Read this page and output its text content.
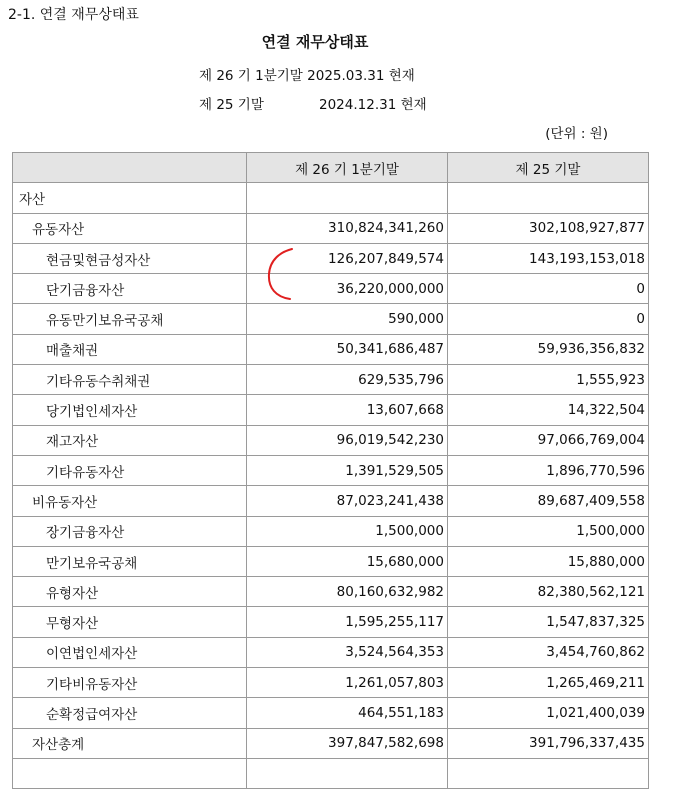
2-1. 연결 재무상태표
연결 재무상태표
제 26 기 1분기말 2025.03.31 현재
제 25 기말	2024.12.31 현재
(단위 : 원)
	제 26 기 1분기말	제 25 기말
자산		
유동자산	310,824,341,260	302,108,927,877
현금및현금성자산	126,207,849,574	143,193,153,018
단기금융자산	36,220,000,000	0
유동만기보유국공채	590,000	0
매출채권	50,341,686,487	59,936,356,832
기타유동수취채권	629,535,796	1,555,923
당기법인세자산	13,607,668	14,322,504
재고자산	96,019,542,230	97,066,769,004
기타유동자산	1,391,529,505	1,896,770,596
비유동자산	87,023,241,438	89,687,409,558
장기금융자산	1,500,000	1,500,000
만기보유국공채	15,680,000	15,880,000
유형자산	80,160,632,982	82,380,562,121
무형자산	1,595,255,117	1,547,837,325
이연법인세자산	3,524,564,353	3,454,760,862
기타비유동자산	1,261,057,803	1,265,469,211
순확정급여자산	464,551,183	1,021,400,039
자산총계	397,847,582,698	391,796,337,435
